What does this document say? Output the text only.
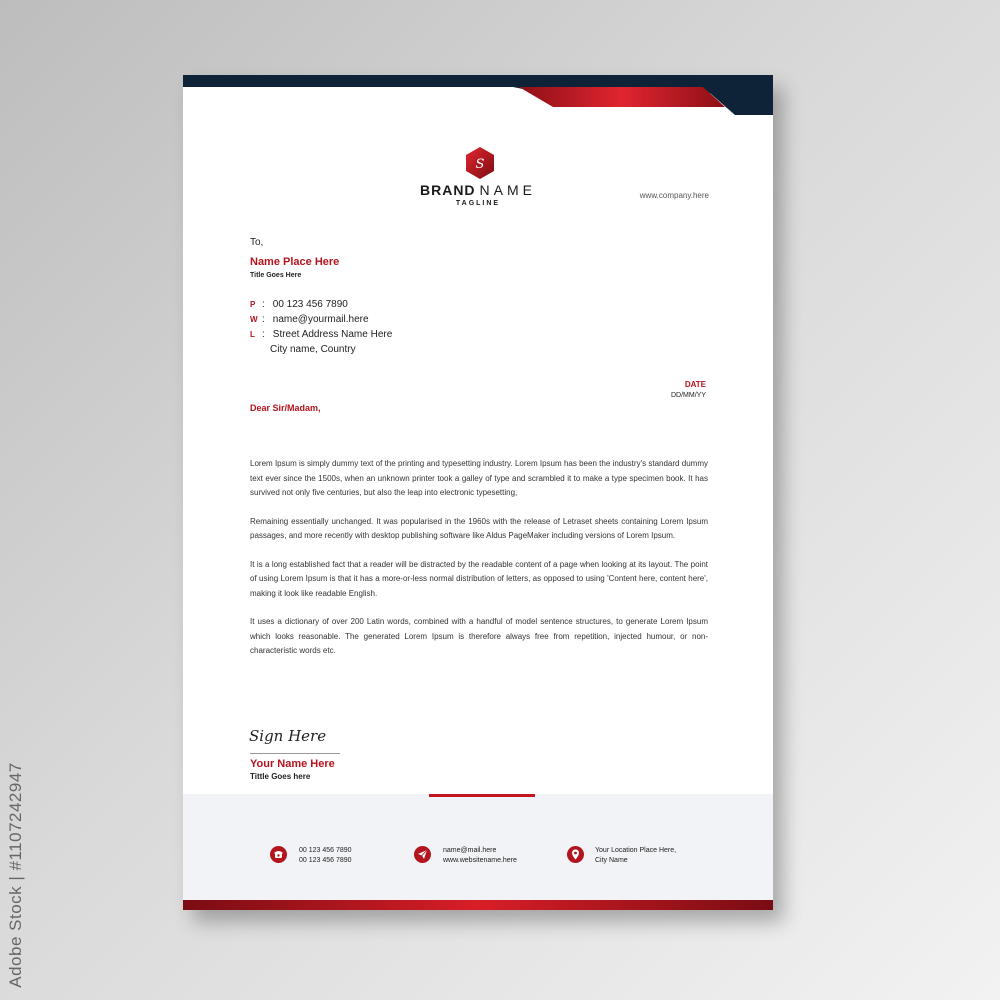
Adobe Stock | #1107242947
S
BRAND NAME
TAGLINE
www.company.here
To,
Name Place Here
Title Goes Here
P : 00 123 456 7890
W : name@yourmail.here
L : Street Address Name Here
City name, Country
DATE
DD/MM/YY
Dear Sir/Madam,

Lorem Ipsum is simply dummy text of the printing and typesetting industry. Lorem Ipsum has been the industry's standard dummy text ever since the 1500s, when an unknown printer took a galley of type and scrambled it to make a type specimen book. It has survived not only five centuries, but also the leap into electronic typesetting,

Remaining essentially unchanged. It was popularised in the 1960s with the release of Letraset sheets containing Lorem Ipsum passages, and more recently with desktop publishing software like Aldus PageMaker including versions of Lorem Ipsum.

It is a long established fact that a reader will be distracted by the readable content of a page when looking at its layout. The point of using Lorem Ipsum is that it has a more-or-less normal distribution of letters, as opposed to using 'Content here, content here', making it look like readable English.

It uses a dictionary of over 200 Latin words, combined with a handful of model sentence structures, to generate Lorem Ipsum which looks reasonable. The generated Lorem Ipsum is therefore always free from repetition, injected humour, or non-characteristic words etc.

Sign Here
Your Name Here
Tittle Goes here
00 123 456 7890
00 123 456 7890
name@mail.here
www.websitename.here
Your Location Place Here,
City Name
